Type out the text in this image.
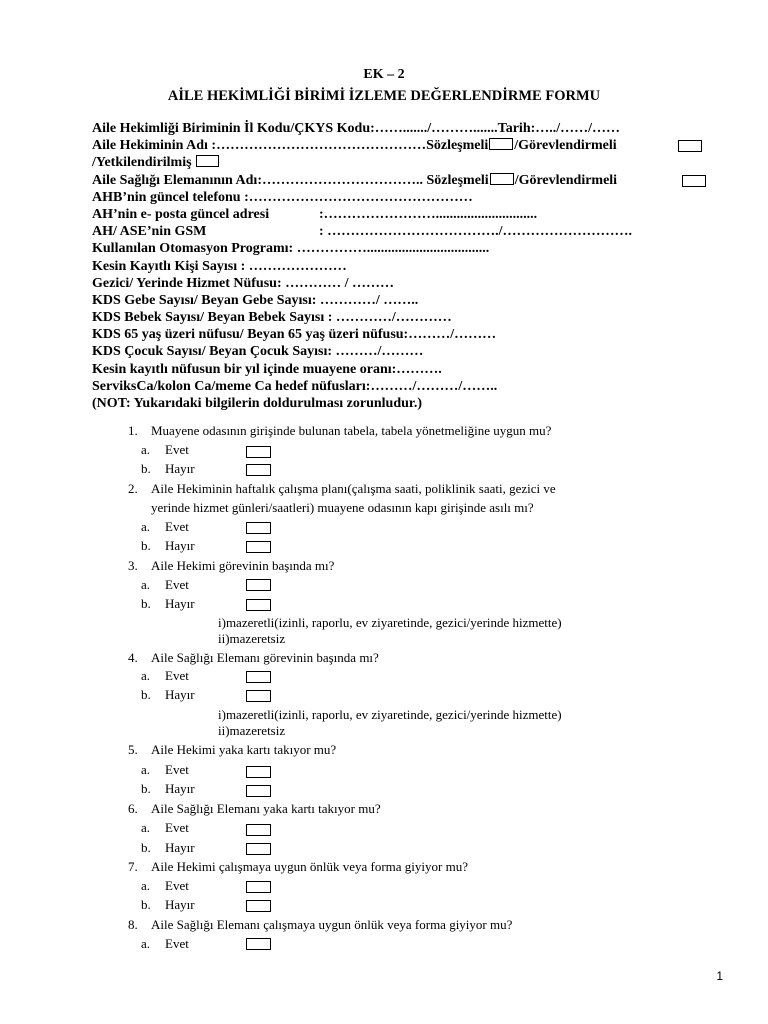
EK – 2
AİLE HEKİMLİĞİ BİRİMİ İZLEME DEĞERLENDİRME FORMU
Aile Hekimliği Biriminin İl Kodu/ÇKYS Kodu:……......./……….......Tarih:…../……/……
Aile Hekiminin Adı :………………………………………Sözleşmeli /Görevlendirmeli
/Yetkilendirilmiş
Aile Sağlığı Elemanının Adı:…………………………….. Sözleşmeli /Görevlendirmeli
AHB’nin güncel telefonu :…………………………………………
AH’nin e- posta güncel adresi	:…………………….............................
AH/ ASE’nin GSM	: ………………………………./……………………….
Kullanılan Otomasyon Programı: ……………...................................
Kesin Kayıtlı Kişi Sayısı : …………………
Gezici/ Yerinde Hizmet Nüfusu: ………… / ………
KDS Gebe Sayısı/ Beyan Gebe Sayısı: …………/ ……..
KDS Bebek Sayısı/ Beyan Bebek Sayısı : …………/…………
KDS 65 yaş üzeri nüfusu/ Beyan 65 yaş üzeri nüfusu:………/………
KDS Çocuk Sayısı/ Beyan Çocuk Sayısı: ………/………
Kesin kayıtlı nüfusun bir yıl içinde muayene oranı:……….
ServiksCa/kolon Ca/meme Ca hedef nüfusları:………/………/……..
(NOT: Yukarıdaki bilgilerin doldurulması zorunludur.)
1. Muayene odasının girişinde bulunan tabela, tabela yönetmeliğine uygun mu?
a. Evet
b. Hayır
2. Aile Hekiminin haftalık çalışma planı(çalışma saati, poliklinik saati, gezici ve
yerinde hizmet günleri/saatleri) muayene odasının kapı girişinde asılı mı?
a. Evet
b. Hayır
3. Aile Hekimi görevinin başında mı?
a. Evet
b. Hayır
i)mazeretli(izinli, raporlu, ev ziyaretinde, gezici/yerinde hizmette)
ii)mazeretsiz
4. Aile Sağlığı Elemanı görevinin başında mı?
a. Evet
b. Hayır
i)mazeretli(izinli, raporlu, ev ziyaretinde, gezici/yerinde hizmette)
ii)mazeretsiz
5. Aile Hekimi yaka kartı takıyor mu?
a. Evet
b. Hayır
6. Aile Sağlığı Elemanı yaka kartı takıyor mu?
a. Evet
b. Hayır
7. Aile Hekimi çalışmaya uygun önlük veya forma giyiyor mu?
a. Evet
b. Hayır
8. Aile Sağlığı Elemanı çalışmaya uygun önlük veya forma giyiyor mu?
a. Evet
1
